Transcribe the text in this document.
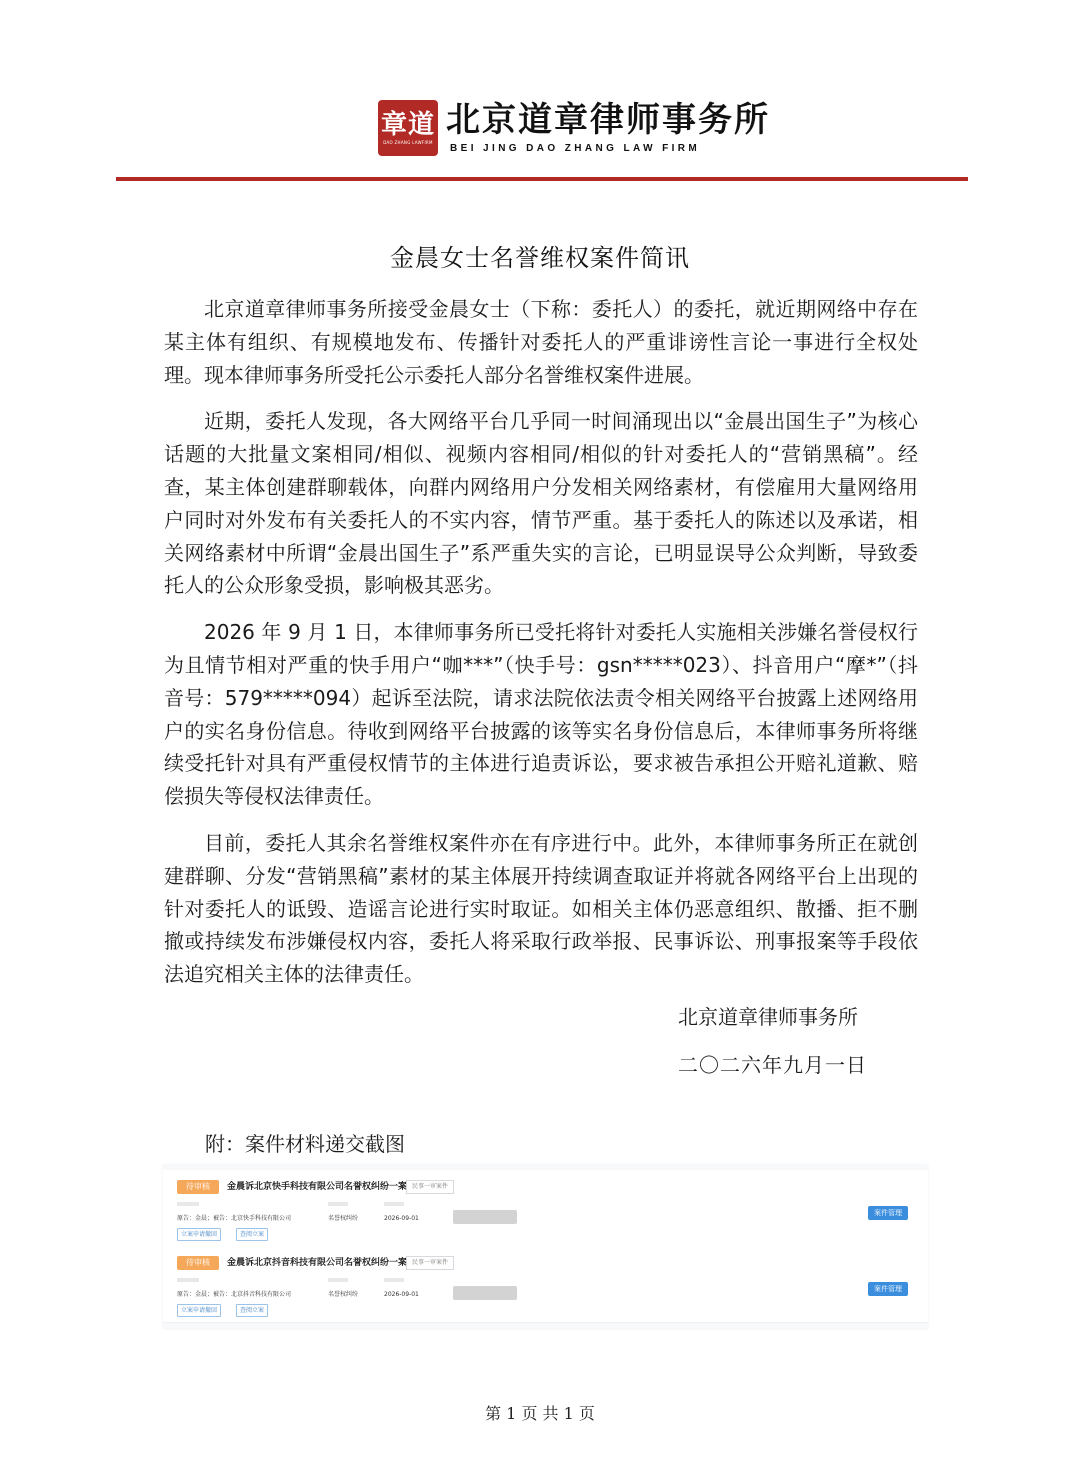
章道
DAO ZHANG LAWFIRM
北京道章律师事务所
BEI JING DAO ZHANG LAW FIRM
金晨女士名誉维权案件简讯

北京道章律师事务所接受金晨女士（下称：委托人）的委托，就近期网络中存在某主体有组织、有规模地发布、传播针对委托人的严重诽谤性言论一事进行全权处理。现本律师事务所受托公示委托人部分名誉维权案件进展。

近期，委托人发现，各大网络平台几乎同一时间涌现出以“金晨出国生子”为核心话题的大批量文案相同/相似、视频内容相同/相似的针对委托人的“营销黑稿”。经查，某主体创建群聊载体，向群内网络用户分发相关网络素材，有偿雇用大量网络用户同时对外发布有关委托人的不实内容，情节严重。基于委托人的陈述以及承诺，相关网络素材中所谓“金晨出国生子”系严重失实的言论，已明显误导公众判断，导致委托人的公众形象受损，影响极其恶劣。

2026 年 9 月 1 日，本律师事务所已受托将针对委托人实施相关涉嫌名誉侵权行为且情节相对严重的快手用户“咖***”（快手号：gsn*****023）、抖音用户“摩*”（抖音号：579*****094）起诉至法院，请求法院依法责令相关网络平台披露上述网络用户的实名身份信息。待收到网络平台披露的该等实名身份信息后，本律师事务所将继续受托针对具有严重侵权情节的主体进行追责诉讼，要求被告承担公开赔礼道歉、赔偿损失等侵权法律责任。

目前，委托人其余名誉维权案件亦在有序进行中。此外，本律师事务所正在就创建群聊、分发“营销黑稿”素材的某主体展开持续调查取证并将就各网络平台上出现的针对委托人的诋毁、造谣言论进行实时取证。如相关主体仍恶意组织、散播、拒不删撤或持续发布涉嫌侵权内容，委托人将采取行政举报、民事诉讼、刑事报案等手段依法追究相关主体的法律责任。

北京道章律师事务所
二〇二六年九月一日
附：案件材料递交截图
待审核	金晨诉北京快手科技有限公司名誉权纠纷一案 民事一审案件
原告：金晨；被告：北京快手科技有限公司	名誉权纠纷	2026-09-01
案件管理
立案申请撤回	查阅立案
待审核	金晨诉北京抖音科技有限公司名誉权纠纷一案 民事一审案件
原告：金晨；被告：北京抖音科技有限公司	名誉权纠纷	2026-09-01
案件管理
立案申请撤回	查阅立案
第 1 页 共 1 页
